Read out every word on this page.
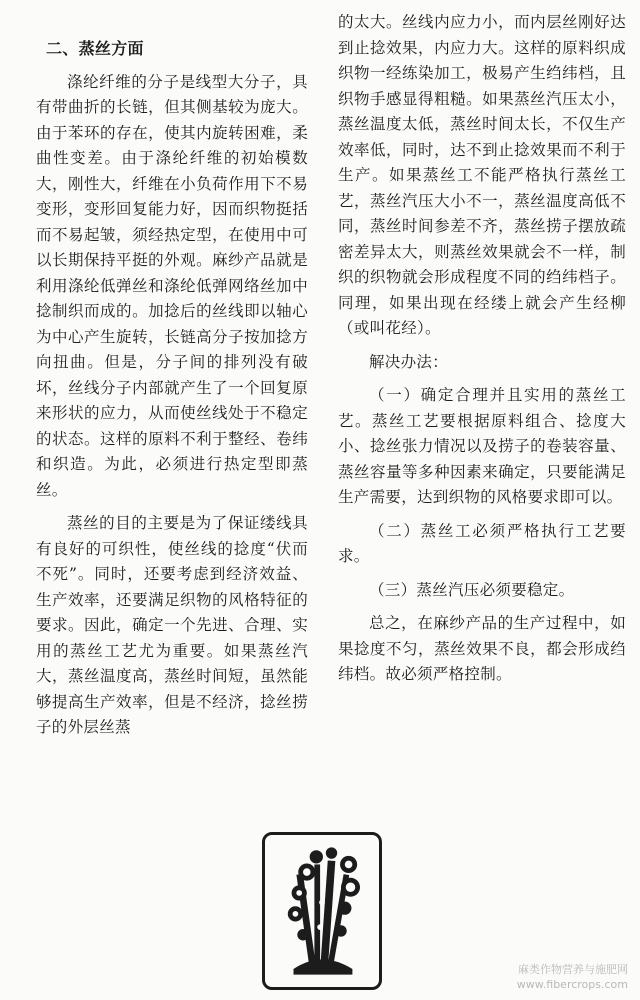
二、蒸丝方面

涤纶纤维的分子是线型大分子，具有带曲折的长链，但其侧基较为庞大。由于苯环的存在，使其内旋转困难，柔曲性变差。由于涤纶纤维的初始模数大，刚性大，纤维在小负荷作用下不易变形，变形回复能力好，因而织物挺括而不易起皱，须经热定型，在使用中可以长期保持平挺的外观。麻纱产品就是利用涤纶低弹丝和涤纶低弹网络丝加中捻制织而成的。加捻后的丝线即以轴心为中心产生旋转，长链高分子按加捻方向扭曲。但是，分子间的排列没有破坏，丝线分子内部就产生了一个回复原来形状的应力，从而使丝线处于不稳定的状态。这样的原料不利于整经、卷纬和织造。为此，必须进行热定型即蒸丝。

蒸丝的目的主要是为了保证缕线具有良好的可织性，使丝线的捻度“伏而不死”。同时，还要考虑到经济效益、生产效率，还要满足织物的风格特征的要求。因此，确定一个先进、合理、实用的蒸丝工艺尤为重要。如果蒸丝汽大，蒸丝温度高，蒸丝时间短，虽然能够提高生产效率，但是不经济，捻丝捞子的外层丝蒸

的太大。丝线内应力小，而内层丝刚好达到止捻效果，内应力大。这样的原料织成织物一经练染加工，极易产生绉纬档，且织物手感显得粗糙。如果蒸丝汽压太小，蒸丝温度太低，蒸丝时间太长，不仅生产效率低，同时，达不到止捻效果而不利于生产。如果蒸丝工不能严格执行蒸丝工艺，蒸丝汽压大小不一，蒸丝温度高低不同，蒸丝时间参差不齐，蒸丝捞子摆放疏密差异太大，则蒸丝效果就会不一样，制织的织物就会形成程度不同的绉纬档子。同理，如果出现在经缕上就会产生经柳（或叫花经）。

解决办法：

（一）确定合理并且实用的蒸丝工艺。蒸丝工艺要根据原料组合、捻度大小、捻丝张力情况以及捞子的卷装容量、蒸丝容量等多种因素来确定，只要能满足生产需要，达到织物的风格要求即可以。

（二）蒸丝工必须严格执行工艺要求。

（三）蒸丝汽压必须要稳定。

总之，在麻纱产品的生产过程中，如果捻度不匀，蒸丝效果不良，都会形成绉纬档。故必须严格控制。

麻类作物营养与施肥网
www.fibercrops.com
